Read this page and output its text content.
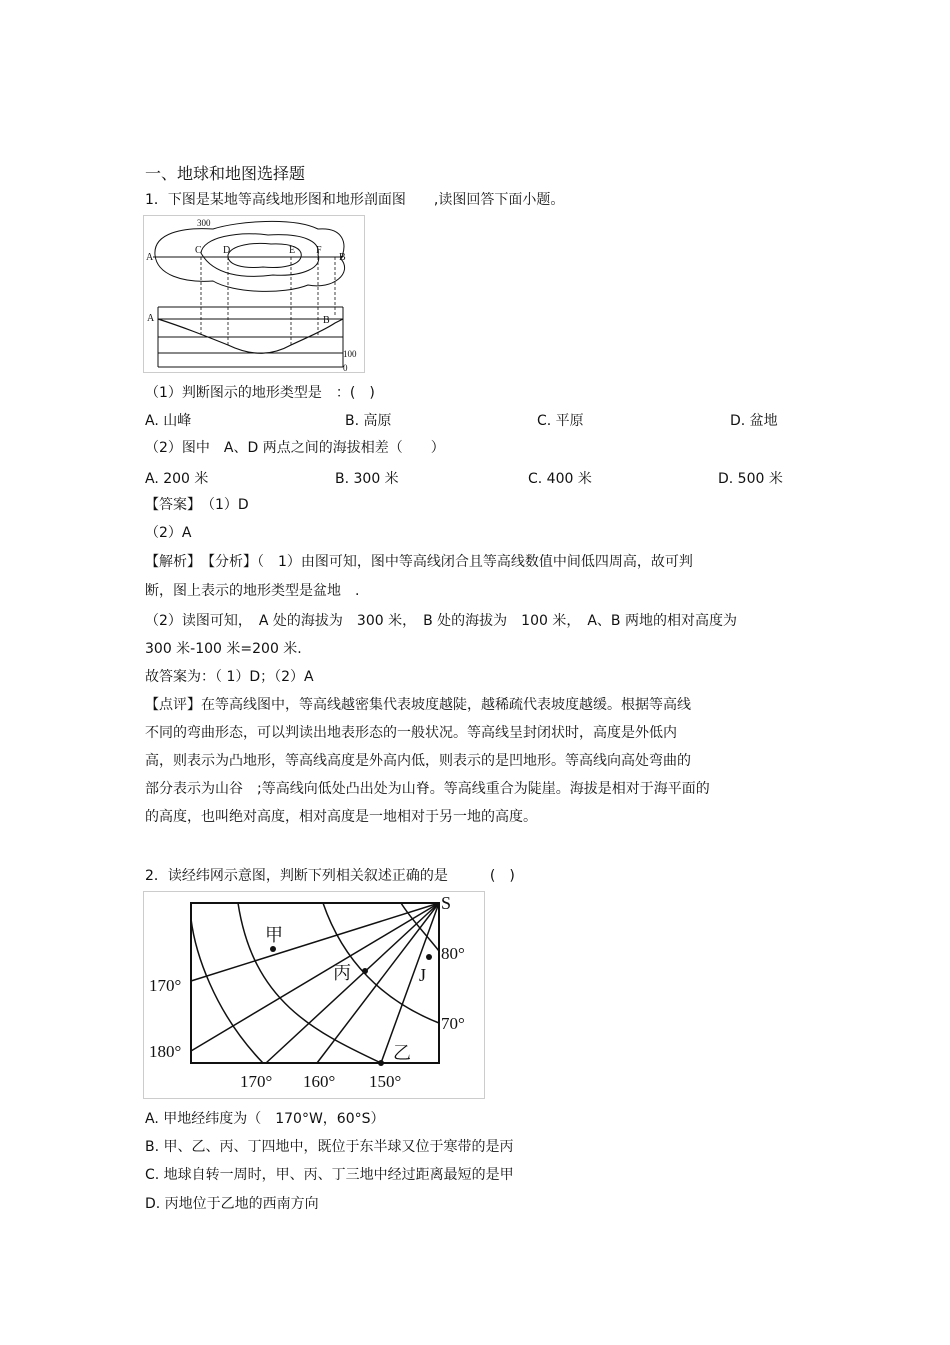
一、地球和地图选择题
1．下图是某地等高线地形图和地形剖面图　　,读图回答下面小题。
300
A	B
C D	E F
A	B
100
0
（1）判断图示的地形类型是　：(　)
A. 山峰	B. 高原	C. 平原	D. 盆地
（2）图中　A、D 两点之间的海拔相差（　　）
A. 200 米	B. 300 米	C. 400 米	D. 500 米
【答案】　（1）D
（2）A
【解析】　【分析】（　1）由图可知，图中等高线闭合且等高线数值中间低四周高，故可判
断，图上表示的地形类型是盆地　.
（2）读图可知，　A 处的海拔为　300 米，　B 处的海拔为　100 米，　A、B 两地的相对高度为
300 米-100 米=200 米.
故答案为：（ 1）D；（2）A
【点评】在等高线图中，等高线越密集代表坡度越陡，越稀疏代表坡度越缓。根据等高线
不同的弯曲形态，可以判读出地表形态的一般状况。等高线呈封闭状时，高度是外低内
高，则表示为凸地形，等高线高度是外高内低，则表示的是凹地形。等高线向高处弯曲的
部分表示为山谷　;等高线向低处凸出处为山脊。等高线重合为陡崖。海拔是相对于海平面的
的高度，也叫绝对高度，相对高度是一地相对于另一地的高度。
2．读经纬网示意图，判断下列相关叙述正确的是　　　(　)
S
甲
丙	J
乙
170°
180°
80°
70°
170° 160° 150°
A. 甲地经纬度为（　170°W，60°S）
B. 甲、乙、丙、丁四地中，既位于东半球又位于寒带的是丙
C. 地球自转一周时，甲、丙、丁三地中经过距离最短的是甲
D. 丙地位于乙地的西南方向
